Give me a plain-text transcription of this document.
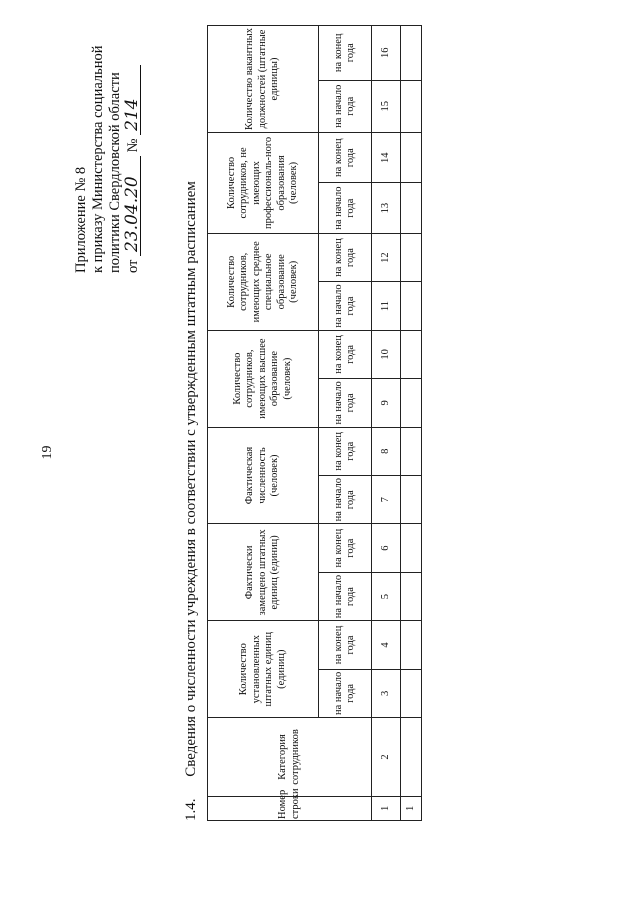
19
Приложение № 8 к приказу Министерства социальной политики Свердловской области от 23.04.20 № 214
1.4. Сведения о численности учреждения в соответствии с утвержденным штатным расписанием
Номер строки	Категория сотрудников	Количество установленных штатных единиц (единиц)		Фактически замещено штатных единиц (единиц)		Фактическая численность (человек)		Количество сотрудников, имеющих высшее образование (человек)		Количество сотрудников, имеющих среднее специальное образование (человек)		Количество сотрудников, не имеющих профессиональ-ного образования (человек)		Количество вакантных должностей (штатные единицы)	
		на начало года	на конец года	на начало года	на конец года	на начало года	на конец года	на начало года	на конец года	на начало года	на конец года	на начало года	на конец года	на начало года	на конец года
1	2	3	4	5	6	7	8	9	10	11	12	13	14	15	16
1															
